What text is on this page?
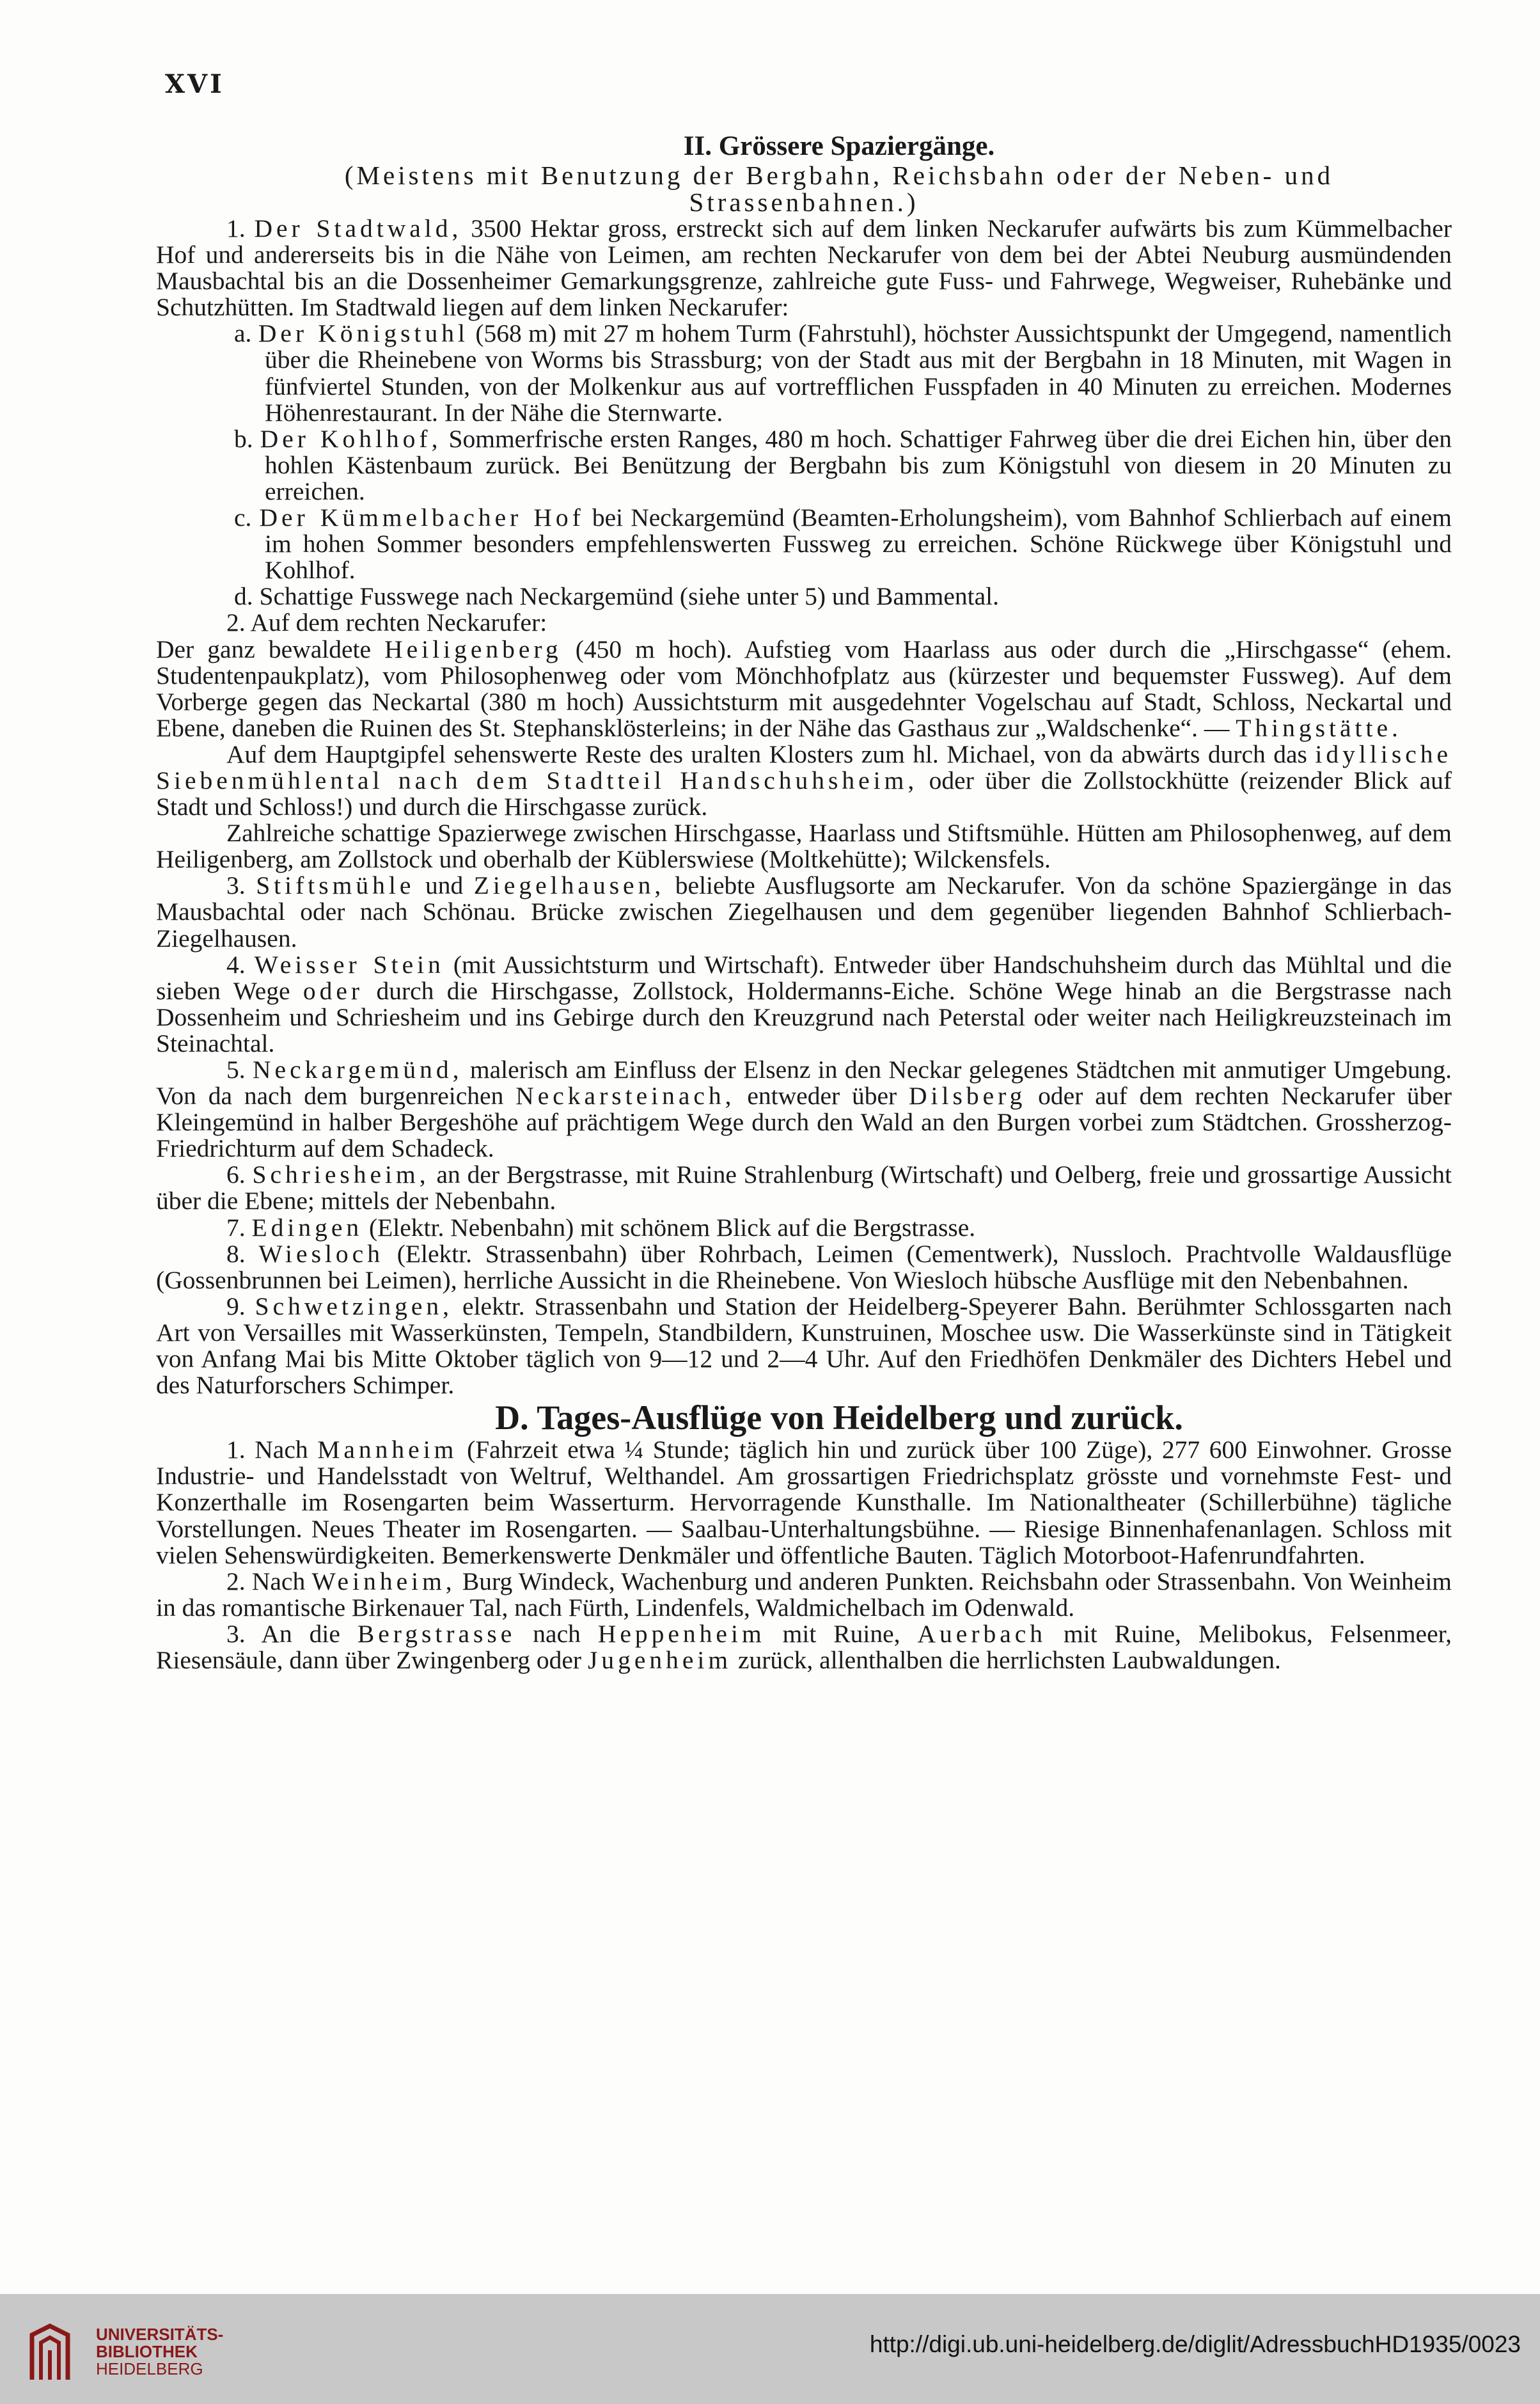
XVI

II. Grössere Spaziergänge.

(Meistens mit Benutzung der Bergbahn, Reichsbahn oder der Neben- und Strassenbahnen.)

1. Der Stadtwald, 3500 Hektar gross, erstreckt sich auf dem linken Neckarufer aufwärts bis zum Kümmelbacher Hof und andererseits bis in die Nähe von Leimen, am rechten Neckarufer von dem bei der Abtei Neuburg ausmündenden Mausbachtal bis an die Dossenheimer Gemarkungsgrenze, zahlreiche gute Fuss- und Fahrwege, Wegweiser, Ruhebänke und Schutzhütten. Im Stadtwald liegen auf dem linken Neckarufer:

a. Der Königstuhl (568 m) mit 27 m hohem Turm (Fahrstuhl), höchster Aussichtspunkt der Umgegend, namentlich über die Rheinebene von Worms bis Strassburg; von der Stadt aus mit der Bergbahn in 18 Minuten, mit Wagen in fünfviertel Stunden, von der Molkenkur aus auf vortrefflichen Fusspfaden in 40 Minuten zu erreichen. Modernes Höhenrestaurant. In der Nähe die Sternwarte.

b. Der Kohlhof, Sommerfrische ersten Ranges, 480 m hoch. Schattiger Fahrweg über die drei Eichen hin, über den hohlen Kästenbaum zurück. Bei Benützung der Bergbahn bis zum Königstuhl von diesem in 20 Minuten zu erreichen.

c. Der Kümmelbacher Hof bei Neckargemünd (Beamten-Erholungsheim), vom Bahnhof Schlierbach auf einem im hohen Sommer besonders empfehlenswerten Fussweg zu erreichen. Schöne Rückwege über Königstuhl und Kohlhof.

d. Schattige Fusswege nach Neckargemünd (siehe unter 5) und Bammental.

2. Auf dem rechten Neckarufer:

Der ganz bewaldete Heiligenberg (450 m hoch). Aufstieg vom Haarlass aus oder durch die „Hirschgasse“ (ehem. Studentenpaukplatz), vom Philosophenweg oder vom Mönchhofplatz aus (kürzester und bequemster Fussweg). Auf dem Vorberge gegen das Neckartal (380 m hoch) Aussichtsturm mit ausgedehnter Vogelschau auf Stadt, Schloss, Neckartal und Ebene, daneben die Ruinen des St. Stephansklösterleins; in der Nähe das Gasthaus zur „Waldschenke“. — Thingstätte.

Auf dem Hauptgipfel sehenswerte Reste des uralten Klosters zum hl. Michael, von da abwärts durch das idyllische Siebenmühlental nach dem Stadtteil Handschuhsheim, oder über die Zollstockhütte (reizender Blick auf Stadt und Schloss!) und durch die Hirschgasse zurück.

Zahlreiche schattige Spazierwege zwischen Hirschgasse, Haarlass und Stiftsmühle. Hütten am Philosophenweg, auf dem Heiligenberg, am Zollstock und oberhalb der Küblerswiese (Moltkehütte); Wilckensfels.

3. Stiftsmühle und Ziegelhausen, beliebte Ausflugsorte am Neckarufer. Von da schöne Spaziergänge in das Mausbachtal oder nach Schönau. Brücke zwischen Ziegelhausen und dem gegenüber liegenden Bahnhof Schlierbach-Ziegelhausen.

4. Weisser Stein (mit Aussichtsturm und Wirtschaft). Entweder über Handschuhsheim durch das Mühltal und die sieben Wege oder durch die Hirschgasse, Zollstock, Holdermanns-Eiche. Schöne Wege hinab an die Bergstrasse nach Dossenheim und Schriesheim und ins Gebirge durch den Kreuzgrund nach Peterstal oder weiter nach Heiligkreuzsteinach im Steinachtal.

5. Neckargemünd, malerisch am Einfluss der Elsenz in den Neckar gelegenes Städtchen mit anmutiger Umgebung. Von da nach dem burgenreichen Neckarsteinach, entweder über Dilsberg oder auf dem rechten Neckarufer über Kleingemünd in halber Bergeshöhe auf prächtigem Wege durch den Wald an den Burgen vorbei zum Städtchen. Grossherzog-Friedrichturm auf dem Schadeck.

6. Schriesheim, an der Bergstrasse, mit Ruine Strahlenburg (Wirtschaft) und Oelberg, freie und grossartige Aussicht über die Ebene; mittels der Nebenbahn.

7. Edingen (Elektr. Nebenbahn) mit schönem Blick auf die Bergstrasse.

8. Wiesloch (Elektr. Strassenbahn) über Rohrbach, Leimen (Cementwerk), Nussloch. Prachtvolle Waldausflüge (Gossenbrunnen bei Leimen), herrliche Aussicht in die Rheinebene. Von Wiesloch hübsche Ausflüge mit den Nebenbahnen.

9. Schwetzingen, elektr. Strassenbahn und Station der Heidelberg-Speyerer Bahn. Berühmter Schlossgarten nach Art von Versailles mit Wasserkünsten, Tempeln, Standbildern, Kunstruinen, Moschee usw. Die Wasserkünste sind in Tätigkeit von Anfang Mai bis Mitte Oktober täglich von 9—12 und 2—4 Uhr. Auf den Friedhöfen Denkmäler des Dichters Hebel und des Naturforschers Schimper.

D. Tages-Ausflüge von Heidelberg und zurück.

1. Nach Mannheim (Fahrzeit etwa ¼ Stunde; täglich hin und zurück über 100 Züge), 277 600 Einwohner. Grosse Industrie- und Handelsstadt von Weltruf, Welthandel. Am grossartigen Friedrichsplatz grösste und vornehmste Fest- und Konzerthalle im Rosengarten beim Wasserturm. Hervorragende Kunsthalle. Im Nationaltheater (Schillerbühne) tägliche Vorstellungen. Neues Theater im Rosengarten. — Saalbau-Unterhaltungsbühne. — Riesige Binnenhafenanlagen. Schloss mit vielen Sehenswürdigkeiten. Bemerkenswerte Denkmäler und öffentliche Bauten. Täglich Motorboot-Hafenrundfahrten.

2. Nach Weinheim, Burg Windeck, Wachenburg und anderen Punkten. Reichsbahn oder Strassenbahn. Von Weinheim in das romantische Birkenauer Tal, nach Fürth, Lindenfels, Waldmichelbach im Odenwald.

3. An die Bergstrasse nach Heppenheim mit Ruine, Auerbach mit Ruine, Melibokus, Felsenmeer, Riesensäule, dann über Zwingenberg oder Jugenheim zurück, allenthalben die herrlichsten Laubwaldungen.

UNIVERSITÄTS-
BIBLIOTHEK
HEIDELBERG
http://digi.ub.uni-heidelberg.de/diglit/AdressbuchHD1935/0023
